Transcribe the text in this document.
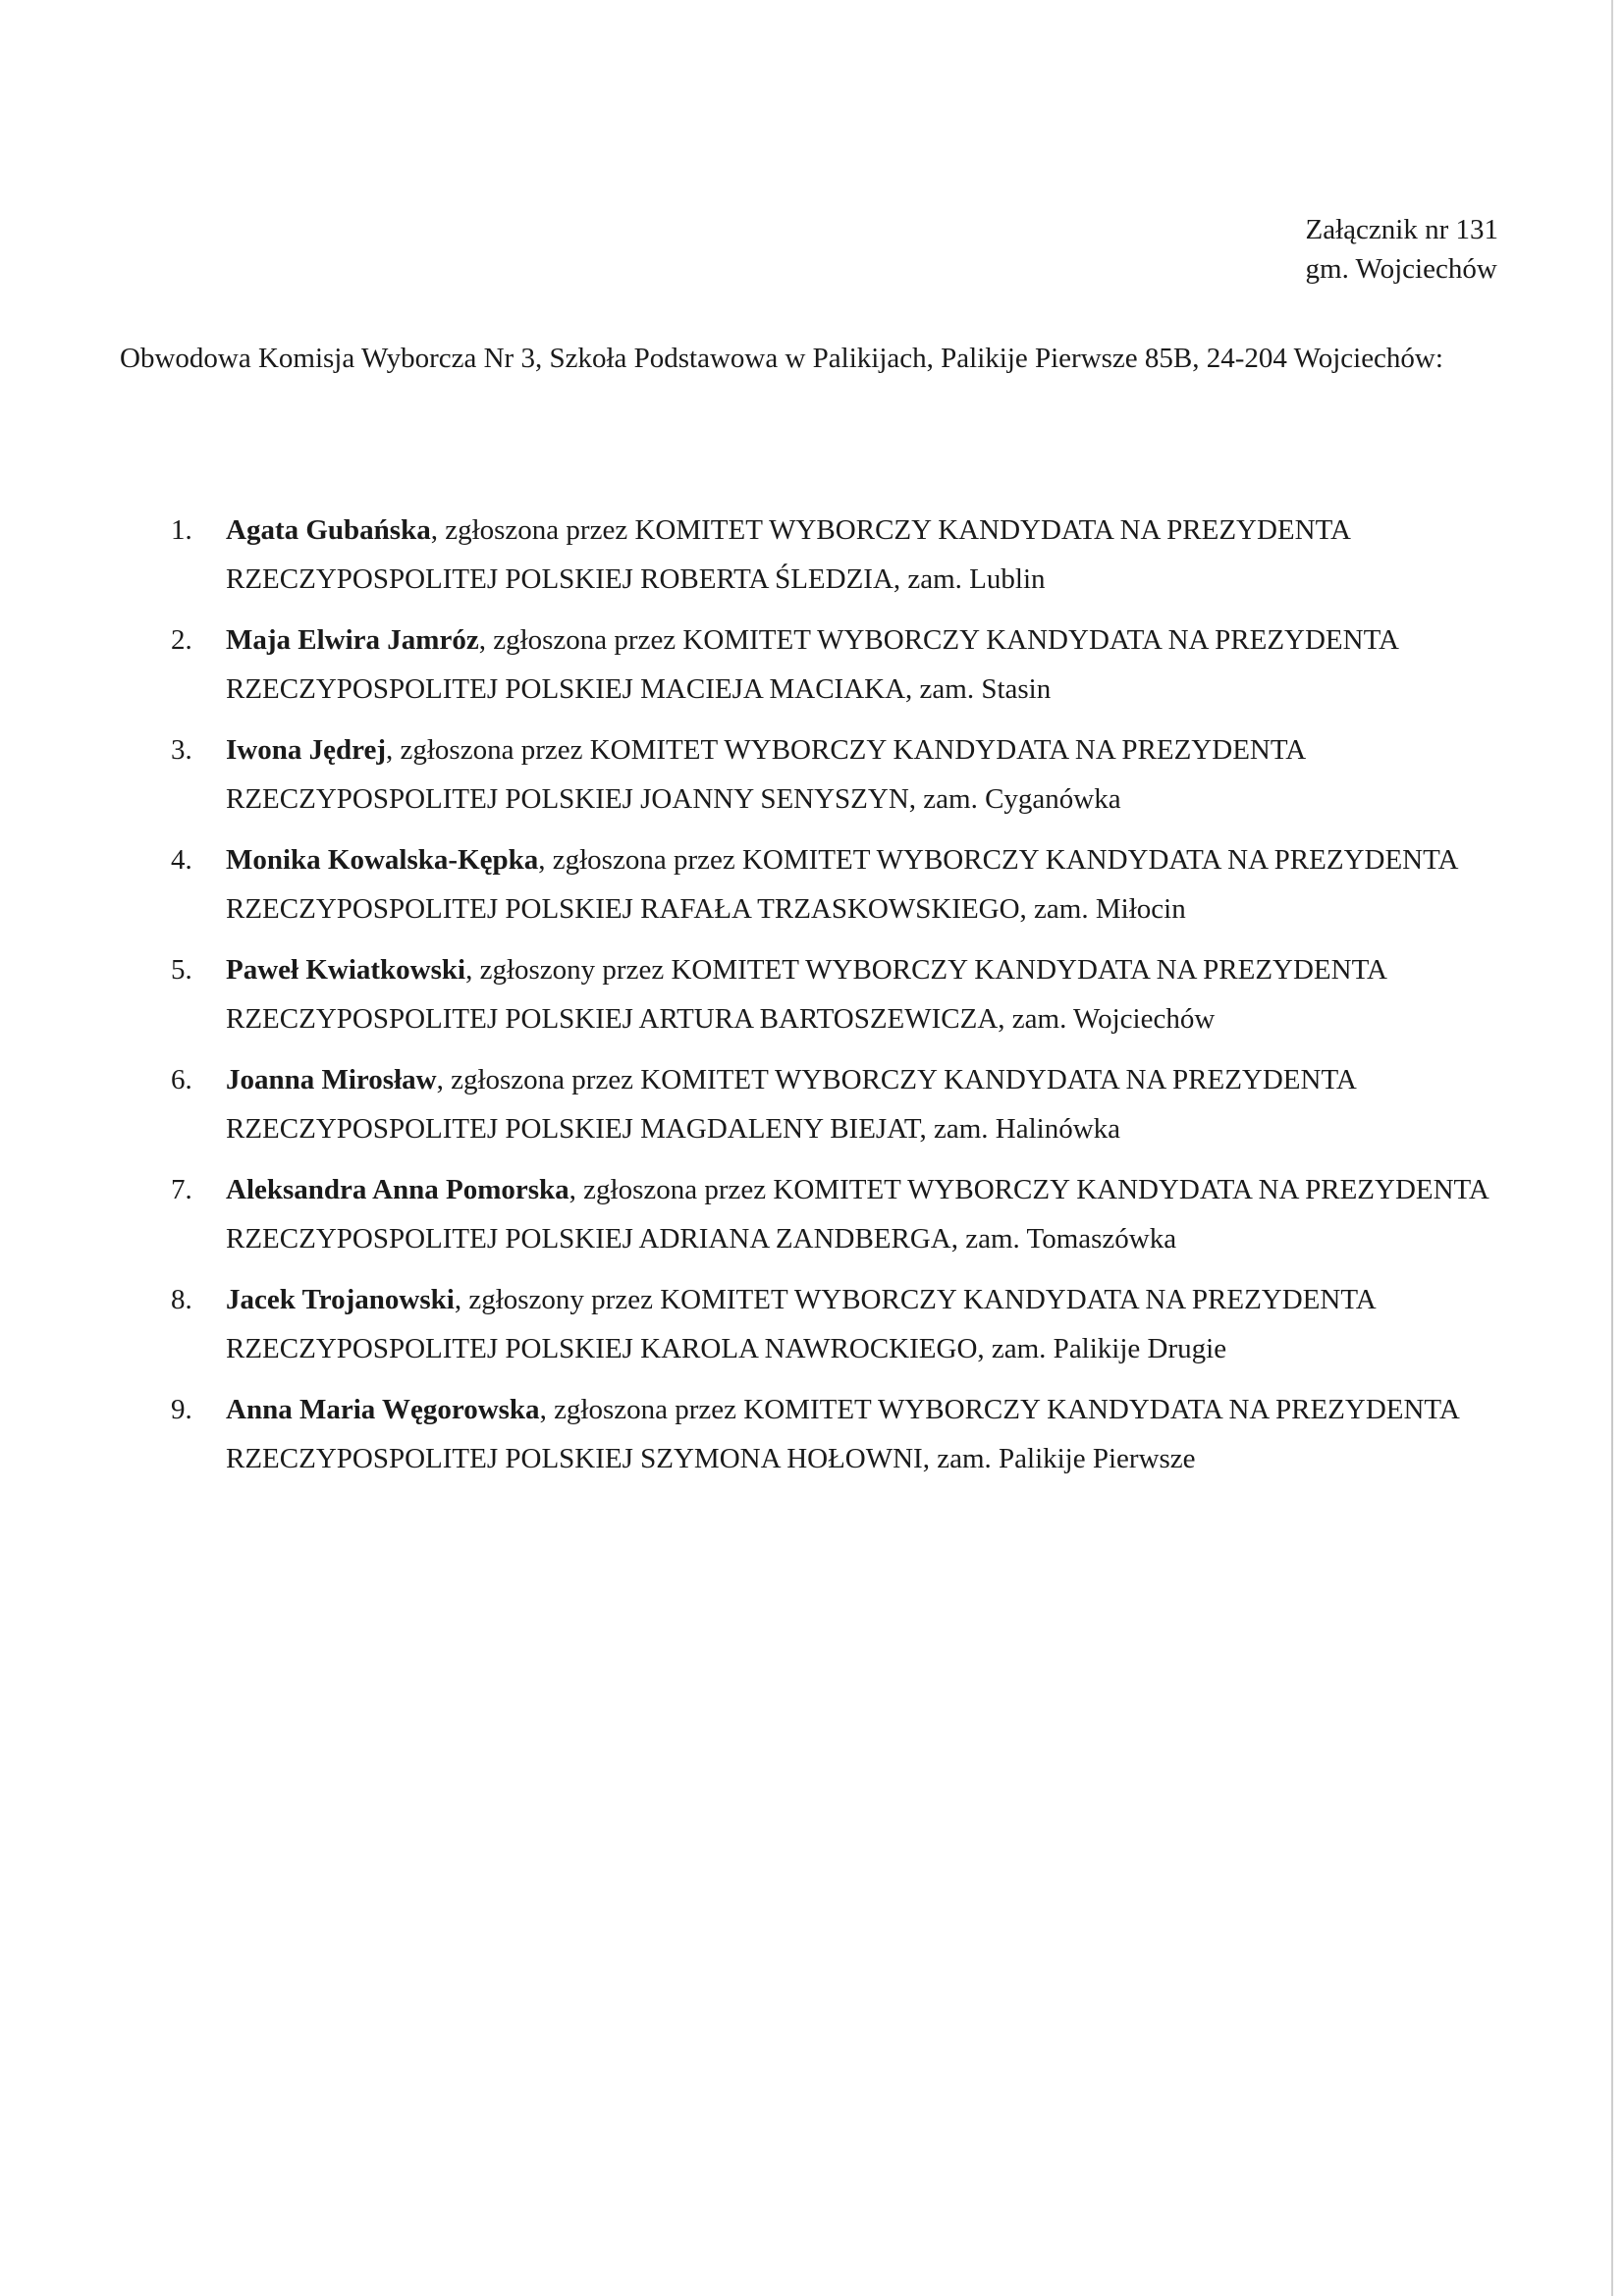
Załącznik nr 131
gm. Wojciechów
Obwodowa Komisja Wyborcza Nr 3, Szkoła Podstawowa w Palikijach, Palikije Pierwsze 85B, 24-204 Wojciechów:
1. Agata Gubańska, zgłoszona przez KOMITET WYBORCZY KANDYDATA NA PREZYDENTA RZECZYPOSPOLITEJ POLSKIEJ ROBERTA ŚLEDZIA, zam. Lublin
2. Maja Elwira Jamróz, zgłoszona przez KOMITET WYBORCZY KANDYDATA NA PREZYDENTA RZECZYPOSPOLITEJ POLSKIEJ MACIEJA MACIAKA, zam. Stasin
3. Iwona Jędrej, zgłoszona przez KOMITET WYBORCZY KANDYDATA NA PREZYDENTA RZECZYPOSPOLITEJ POLSKIEJ JOANNY SENYSZYN, zam. Cyganówka
4. Monika Kowalska-Kępka, zgłoszona przez KOMITET WYBORCZY KANDYDATA NA PREZYDENTA RZECZYPOSPOLITEJ POLSKIEJ RAFAŁA TRZASKOWSKIEGO, zam. Miłocin
5. Paweł Kwiatkowski, zgłoszony przez KOMITET WYBORCZY KANDYDATA NA PREZYDENTA RZECZYPOSPOLITEJ POLSKIEJ ARTURA BARTOSZEWICZA, zam. Wojciechów
6. Joanna Mirosław, zgłoszona przez KOMITET WYBORCZY KANDYDATA NA PREZYDENTA RZECZYPOSPOLITEJ POLSKIEJ MAGDALENY BIEJAT, zam. Halinówka
7. Aleksandra Anna Pomorska, zgłoszona przez KOMITET WYBORCZY KANDYDATA NA PREZYDENTA RZECZYPOSPOLITEJ POLSKIEJ ADRIANA ZANDBERGA, zam. Tomaszówka
8. Jacek Trojanowski, zgłoszony przez KOMITET WYBORCZY KANDYDATA NA PREZYDENTA RZECZYPOSPOLITEJ POLSKIEJ KAROLA NAWROCKIEGO, zam. Palikije Drugie
9. Anna Maria Węgorowska, zgłoszona przez KOMITET WYBORCZY KANDYDATA NA PREZYDENTA RZECZYPOSPOLITEJ POLSKIEJ SZYMONA HOŁOWNI, zam. Palikije Pierwsze
